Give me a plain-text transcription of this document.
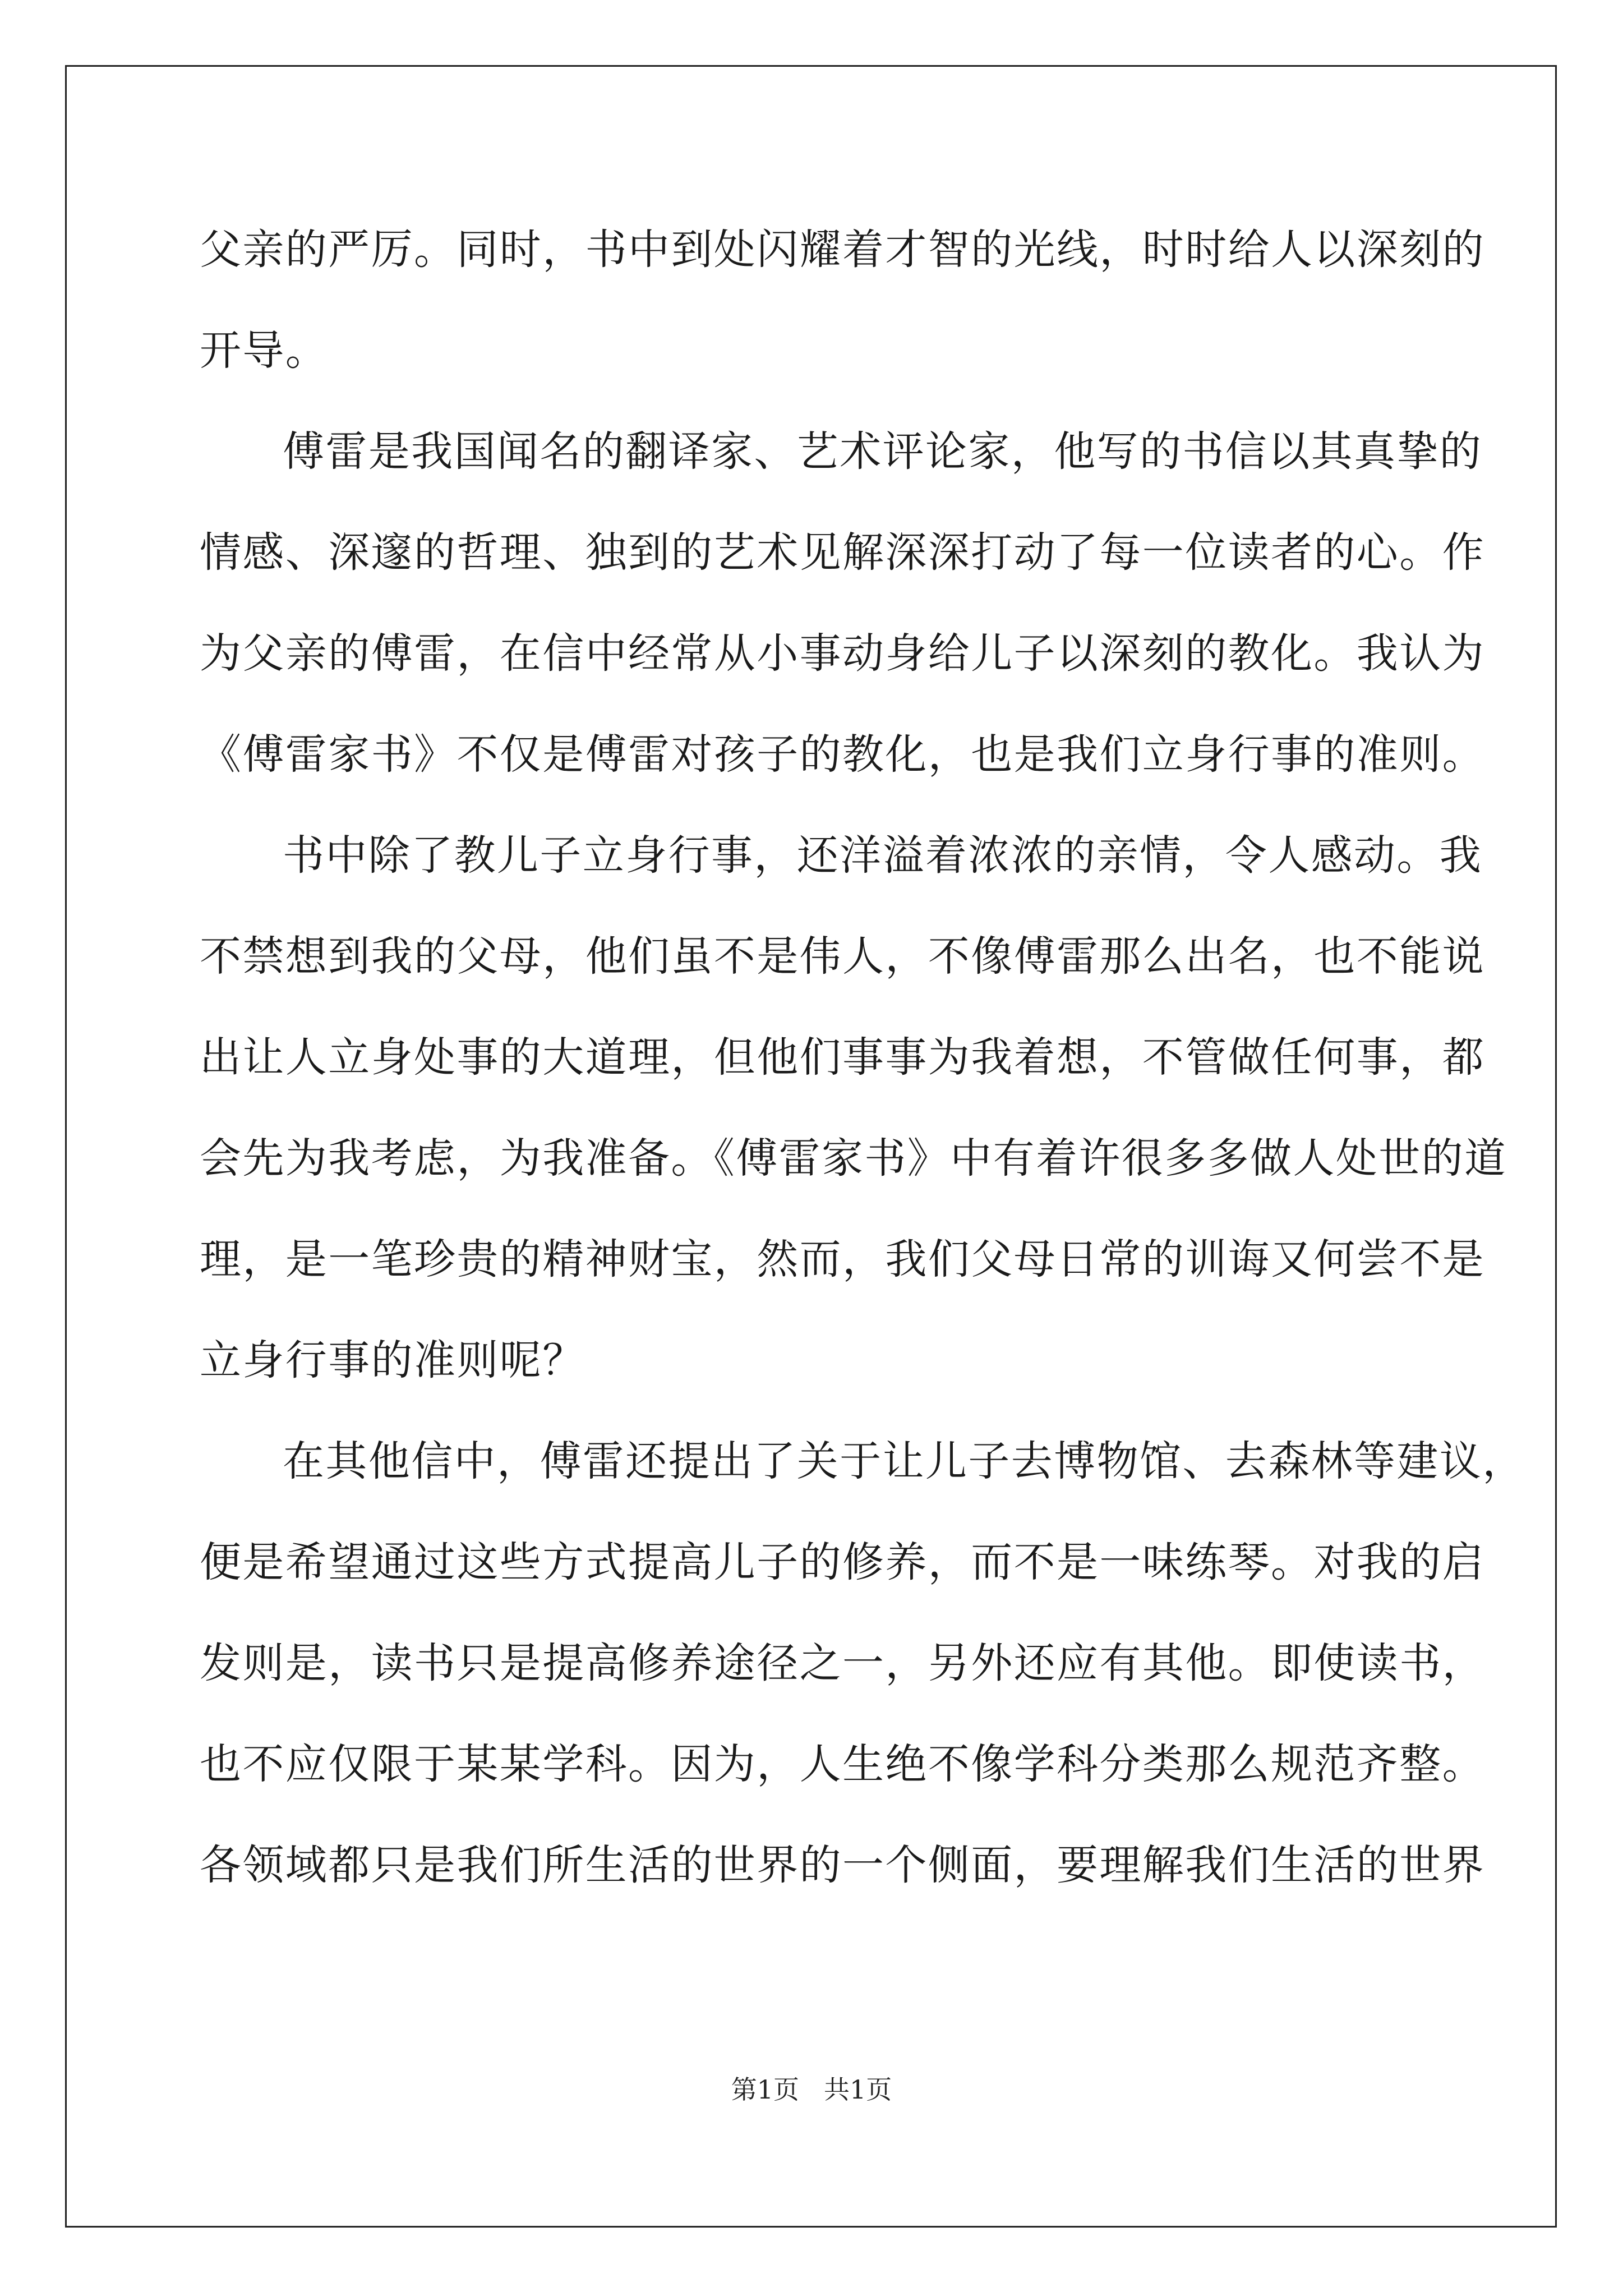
父亲的严厉。同时，书中到处闪耀着才智的光线，时时给人以深刻的
开导。
傅雷是我国闻名的翻译家、艺术评论家，他写的书信以其真挚的
情感、深邃的哲理、独到的艺术见解深深打动了每一位读者的心。作
为父亲的傅雷，在信中经常从小事动身给儿子以深刻的教化。我认为
《傅雷家书》不仅是傅雷对孩子的教化，也是我们立身行事的准则。
书中除了教儿子立身行事，还洋溢着浓浓的亲情，令人感动。我
不禁想到我的父母，他们虽不是伟人，不像傅雷那么出名，也不能说
出让人立身处事的大道理，但他们事事为我着想，不管做任何事，都
会先为我考虑，为我准备。《傅雷家书》中有着许很多多做人处世的道
理，是一笔珍贵的精神财宝，然而，我们父母日常的训诲又何尝不是
立身行事的准则呢？
在其他信中，傅雷还提出了关于让儿子去博物馆、去森林等建议，
便是希望通过这些方式提高儿子的修养，而不是一味练琴。对我的启
发则是，读书只是提高修养途径之一，另外还应有其他。即使读书，
也不应仅限于某某学科。因为，人生绝不像学科分类那么规范齐整。
各领域都只是我们所生活的世界的一个侧面，要理解我们生活的世界
第1页 共1页
